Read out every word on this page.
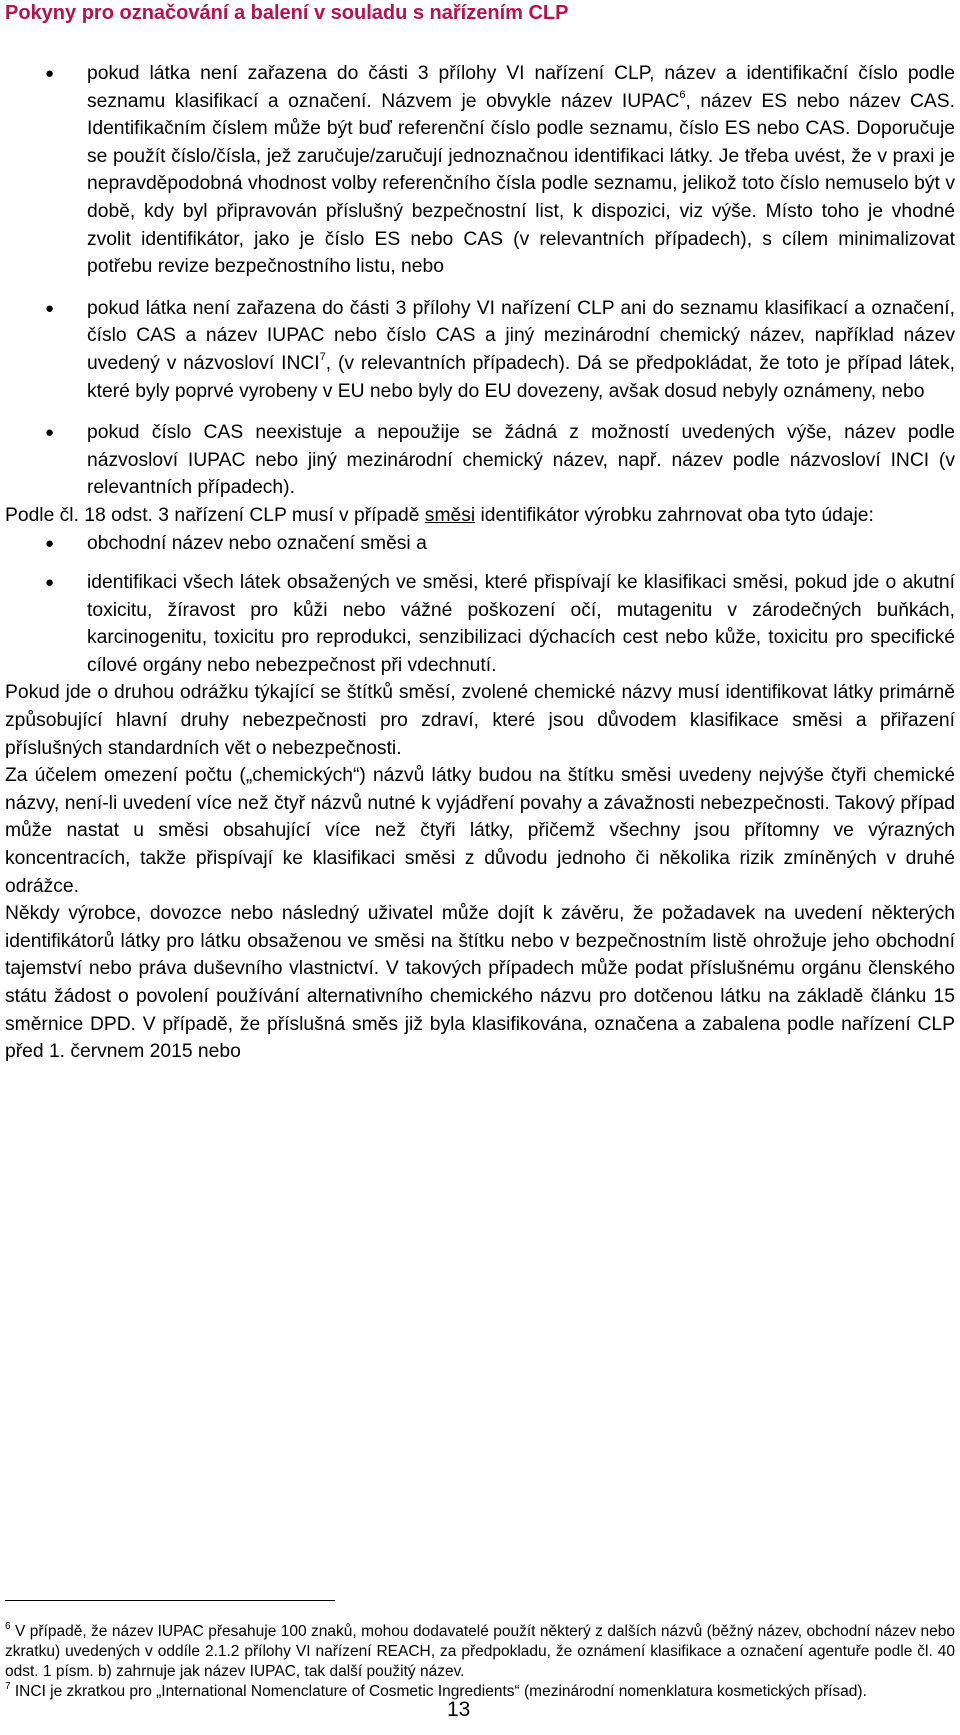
Pokyny pro označování a balení v souladu s nařízením CLP
● pokud látka není zařazena do části 3 přílohy VI nařízení CLP, název a identifikační číslo podle seznamu klasifikací a označení. Názvem je obvykle název IUPAC$^6$, název ES nebo název CAS. Identifikačním číslem může být buď referenční číslo podle seznamu, číslo ES nebo CAS. Doporučuje se použít číslo/čísla, jež zaručuje/zaručují jednoznačnou identifikaci látky. Je třeba uvést, že v praxi je nepravděpodobná vhodnost volby referenčního čísla podle seznamu, jelikož toto číslo nemuselo být v době, kdy byl připravován příslušný bezpečnostní list, k dispozici, viz výše. Místo toho je vhodné zvolit identifikátor, jako je číslo ES nebo CAS (v relevantních případech), s cílem minimalizovat potřebu revize bezpečnostního listu, nebo
● pokud látka není zařazena do části 3 přílohy VI nařízení CLP ani do seznamu klasifikací a označení, číslo CAS a název IUPAC nebo číslo CAS a jiný mezinárodní chemický název, například název uvedený v názvosloví INCI$^7$, (v relevantních případech). Dá se předpokládat, že toto je případ látek, které byly poprvé vyrobeny v EU nebo byly do EU dovezeny, avšak dosud nebyly oznámeny, nebo
● pokud číslo CAS neexistuje a nepoužije se žádná z možností uvedených výše, název podle názvosloví IUPAC nebo jiný mezinárodní chemický název, např. název podle názvosloví INCI (v relevantních případech).

Podle čl. 18 odst. 3 nařízení CLP musí v případě směsi identifikátor výrobku zahrnovat oba tyto údaje:

● obchodní název nebo označení směsi a
● identifikaci všech látek obsažených ve směsi, které přispívají ke klasifikaci směsi, pokud jde o akutní toxicitu, žíravost pro kůži nebo vážné poškození očí, mutagenitu v zárodečných buňkách, karcinogenitu, toxicitu pro reprodukci, senzibilizaci dýchacích cest nebo kůže, toxicitu pro specifické cílové orgány nebo nebezpečnost při vdechnutí.

Pokud jde o druhou odrážku týkající se štítků směsí, zvolené chemické názvy musí identifikovat látky primárně způsobující hlavní druhy nebezpečnosti pro zdraví, které jsou důvodem klasifikace směsi a přiřazení příslušných standardních vět o nebezpečnosti.

Za účelem omezení počtu („chemických“) názvů látky budou na štítku směsi uvedeny nejvýše čtyři chemické názvy, není-li uvedení více než čtyř názvů nutné k vyjádření povahy a závažnosti nebezpečnosti. Takový případ může nastat u směsi obsahující více než čtyři látky, přičemž všechny jsou přítomny ve výrazných koncentracích, takže přispívají ke klasifikaci směsi z důvodu jednoho či několika rizik zmíněných v druhé odrážce.

Někdy výrobce, dovozce nebo následný uživatel může dojít k závěru, že požadavek na uvedení některých identifikátorů látky pro látku obsaženou ve směsi na štítku nebo v bezpečnostním listě ohrožuje jeho obchodní tajemství nebo práva duševního vlastnictví. V takových případech může podat příslušnému orgánu členského státu žádost o povolení používání alternativního chemického názvu pro dotčenou látku na základě článku 15 směrnice DPD. V případě, že příslušná směs již byla klasifikována, označena a zabalena podle nařízení CLP před 1. červnem 2015 nebo

$^6$ V případě, že název IUPAC přesahuje 100 znaků, mohou dodavatelé použít některý z dalších názvů (běžný název, obchodní název nebo zkratku) uvedených v oddíle 2.1.2 přílohy VI nařízení REACH, za předpokladu, že oznámení klasifikace a označení agentuře podle čl. 40 odst. 1 písm. b) zahrnuje jak název IUPAC, tak další použitý název.

$^7$ INCI je zkratkou pro „International Nomenclature of Cosmetic Ingredients“ (mezinárodní nomenklatura kosmetických přísad).

13
